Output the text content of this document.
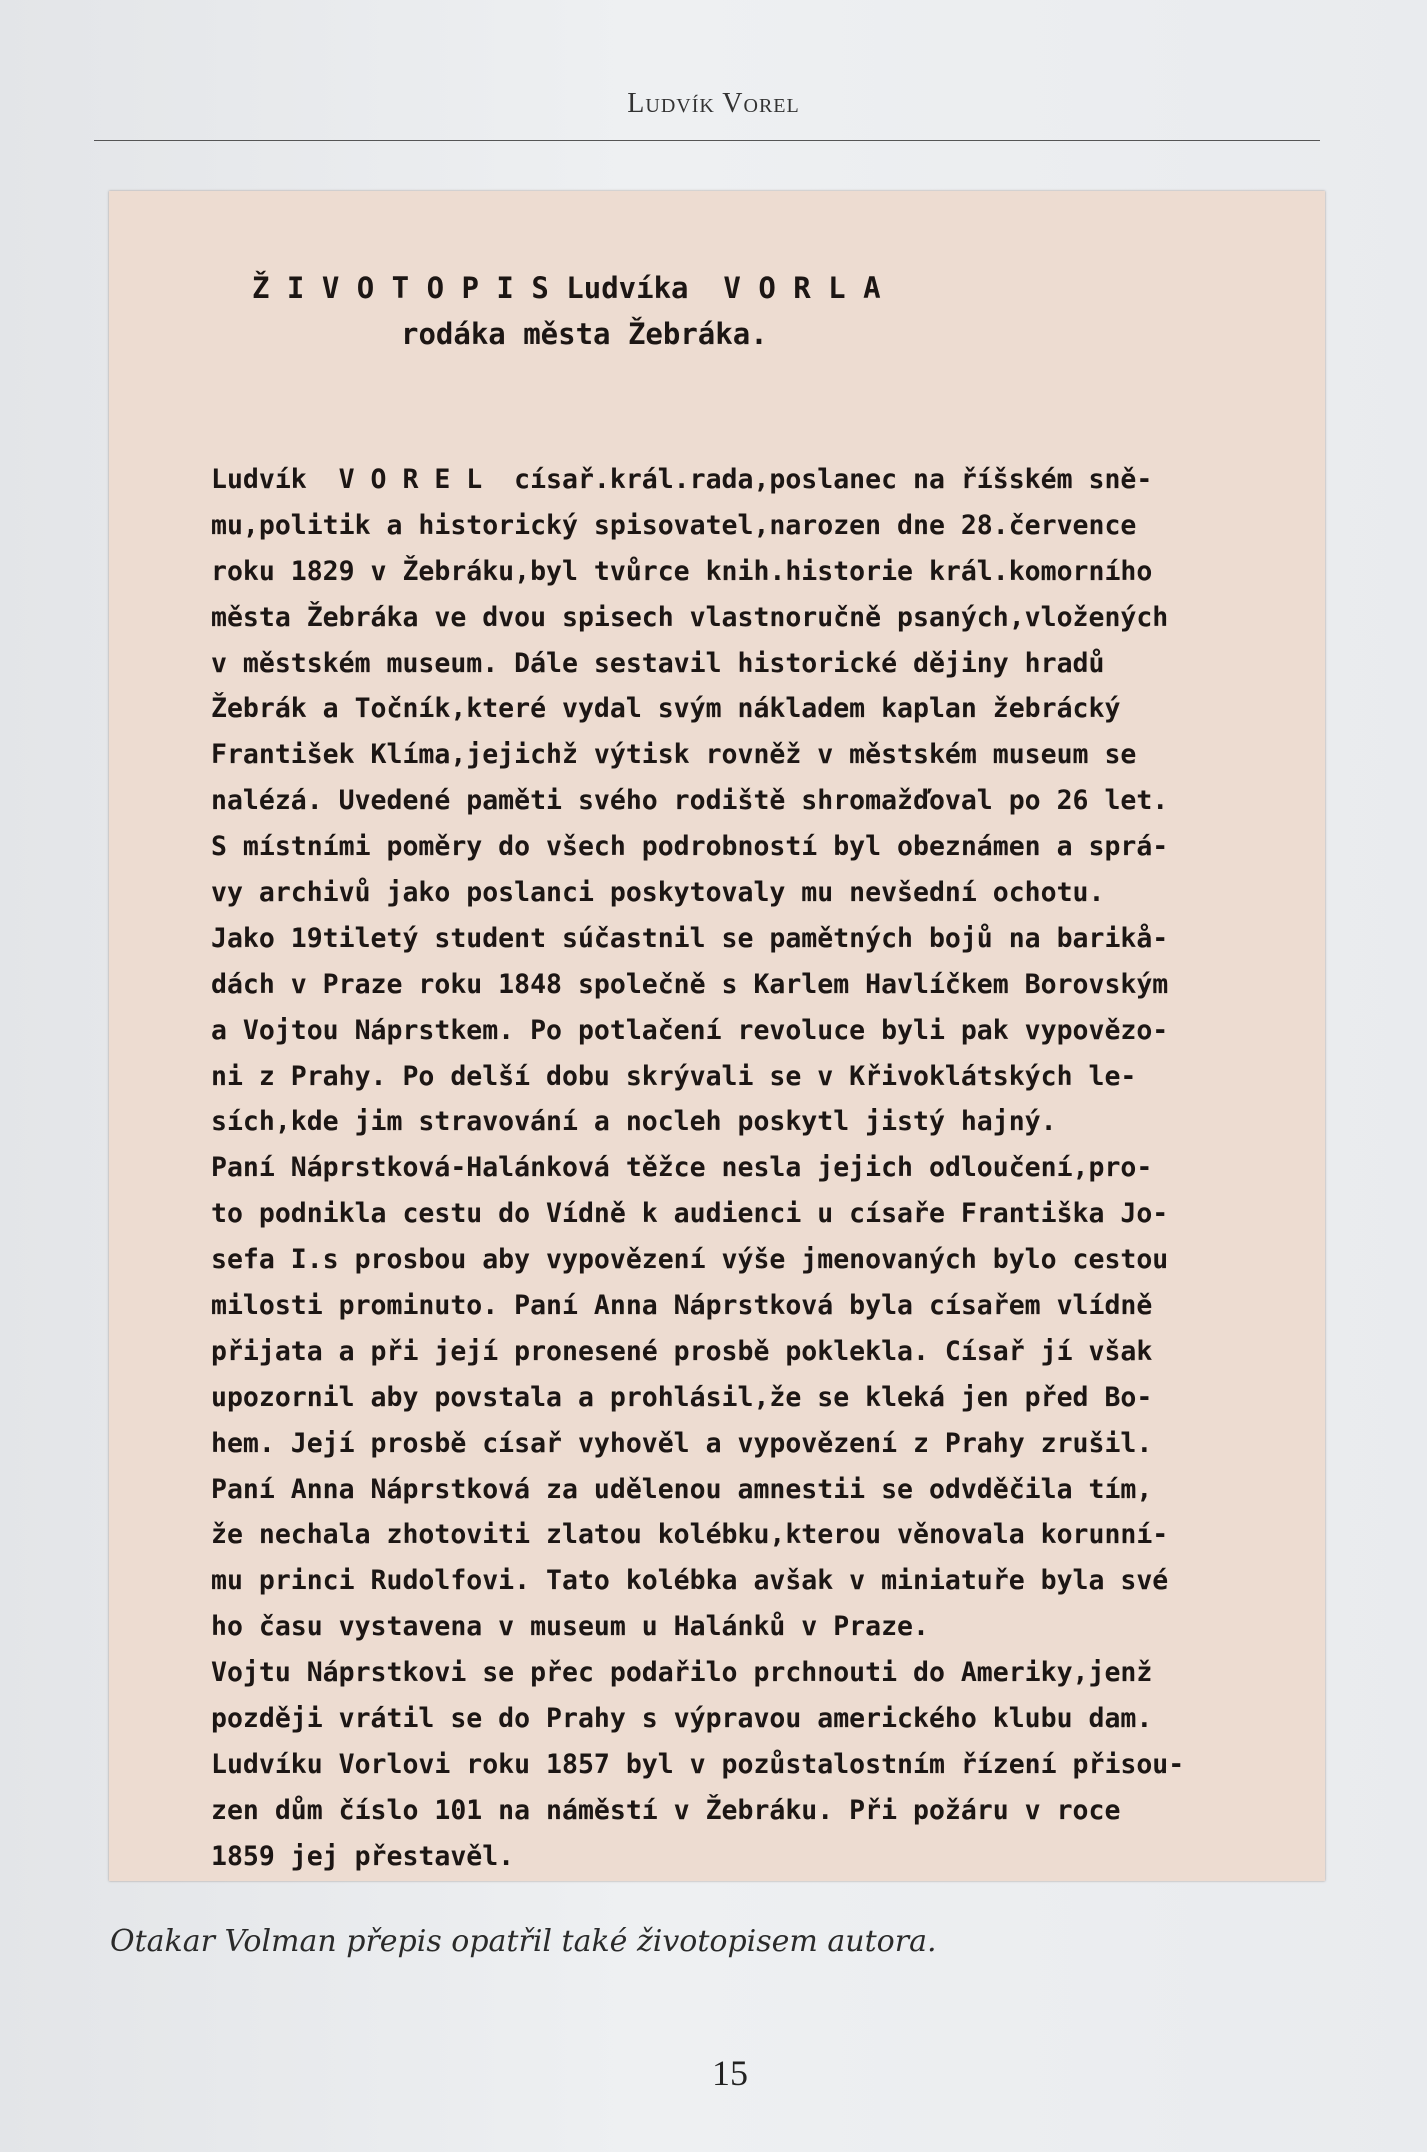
Ludvík Vorel
Ž I V O T O P I S Ludvíka  V O R L A
rodáka města Žebráka.
Ludvík  V O R E L  císař.král.rada,poslanec na říšském sně-
mu,politik a historický spisovatel,narozen dne 28.července
roku 1829 v Žebráku,byl tvůrce knih.historie král.komorního
města Žebráka ve dvou spisech vlastnoručně psaných,vložených
v městském museum. Dále sestavil historické dějiny hradů
Žebrák a Točník,které vydal svým nákladem kaplan žebrácký
František Klíma,jejichž výtisk rovněž v městském museum se
nalézá. Uvedené paměti svého rodiště shromažďoval po 26 let.
S místními poměry do všech podrobností byl obeznámen a sprá-
vy archivů jako poslanci poskytovaly mu nevšední ochotu.
Jako 19tiletý student súčastnil se pamětných bojů na barikå-
dách v Praze roku 1848 společně s Karlem Havlíčkem Borovským
a Vojtou Náprstkem. Po potlačení revoluce byli pak vypovězo-
ni z Prahy. Po delší dobu skrývali se v Křivoklátských le-
sích,kde jim stravování a nocleh poskytl jistý hajný.
Paní Náprstková-Halánková těžce nesla jejich odloučení,pro-
to podnikla cestu do Vídně k audienci u císaře Františka Jo-
sefa I.s prosbou aby vypovězení výše jmenovaných bylo cestou
milosti prominuto. Paní Anna Náprstková byla císařem vlídně
přijata a při její pronesené prosbě poklekla. Císař jí však
upozornil aby povstala a prohlásil,že se kleká jen před Bo-
hem. Její prosbě císař vyhověl a vypovězení z Prahy zrušil.
Paní Anna Náprstková za udělenou amnestii se odvděčila tím,
že nechala zhotoviti zlatou kolébku,kterou věnovala korunní-
mu princi Rudolfovi. Tato kolébka avšak v miniatuře byla své
ho času vystavena v museum u Halánků v Praze.
Vojtu Náprstkovi se přec podařilo prchnouti do Ameriky,jenž
později vrátil se do Prahy s výpravou amerického klubu dam.
Ludvíku Vorlovi roku 1857 byl v pozůstalostním řízení přisou-
zen dům číslo 101 na náměstí v Žebráku. Při požáru v roce
1859 jej přestavěl.
Otakar Volman přepis opatřil také životopisem autora.
15
